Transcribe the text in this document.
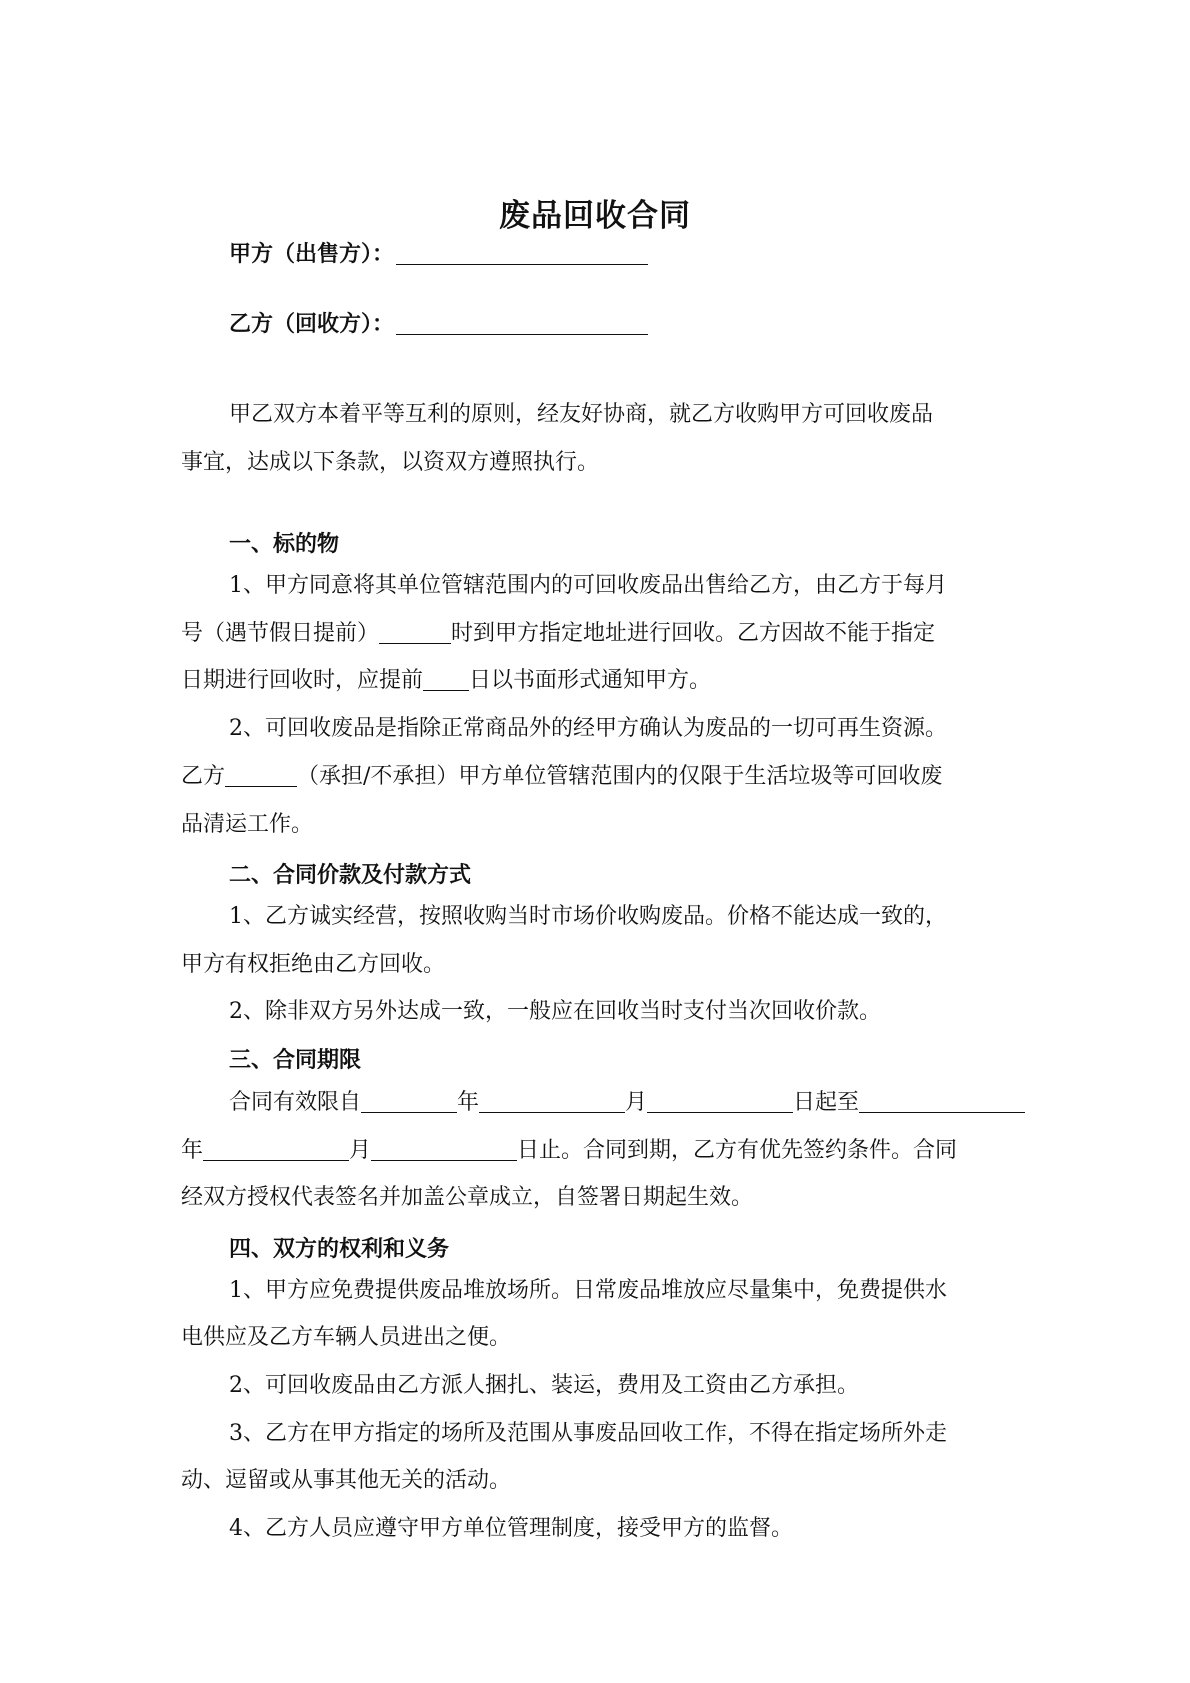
废品回收合同
甲方（出售方）：
乙方（回收方）：
甲乙双方本着平等互利的原则，经友好协商，就乙方收购甲方可回收废品
事宜，达成以下条款，以资双方遵照执行。
一、标的物
1、甲方同意将其单位管辖范围内的可回收废品出售给乙方，由乙方于每月
号（遇节假日提前）	时到甲方指定地址进行回收。乙方因故不能于指定
日期进行回收时，应提前 日以书面形式通知甲方。
2、可回收废品是指除正常商品外的经甲方确认为废品的一切可再生资源。
乙方	（承担/不承担）甲方单位管辖范围内的仅限于生活垃圾等可回收废
品清运工作。
二、合同价款及付款方式
1、乙方诚实经营，按照收购当时市场价收购废品。价格不能达成一致的，
甲方有权拒绝由乙方回收。
2、除非双方另外达成一致，一般应在回收当时支付当次回收价款。
三、合同期限
合同有效限自	年	月	日起至
年	月	日止。合同到期，乙方有优先签约条件。合同
经双方授权代表签名并加盖公章成立，自签署日期起生效。
四、双方的权利和义务
1、甲方应免费提供废品堆放场所。日常废品堆放应尽量集中，免费提供水
电供应及乙方车辆人员进出之便。
2、可回收废品由乙方派人捆扎、装运，费用及工资由乙方承担。
3、乙方在甲方指定的场所及范围从事废品回收工作，不得在指定场所外走
动、逗留或从事其他无关的活动。
4、乙方人员应遵守甲方单位管理制度，接受甲方的监督。
